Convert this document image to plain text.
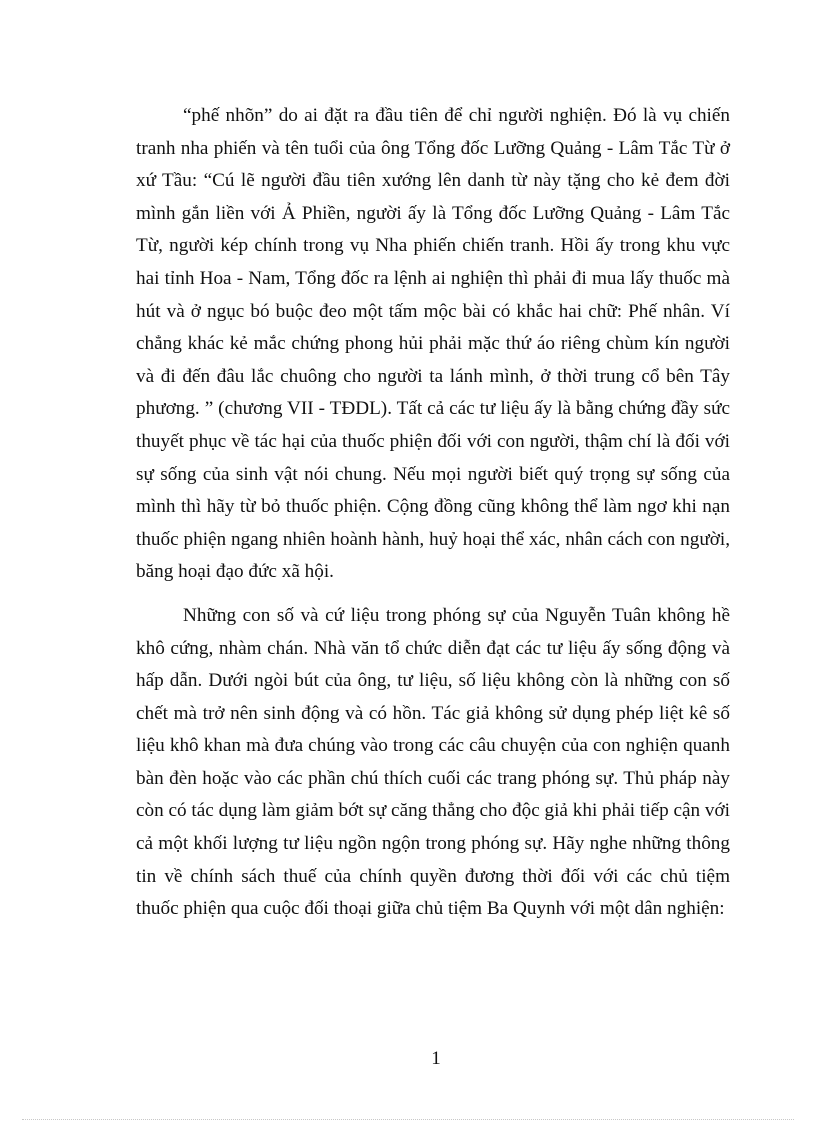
“phế nhõn” do ai đặt ra đầu tiên để chỉ người nghiện. Đó là vụ chiến tranh nha phiến và tên tuổi của ông Tổng đốc Lưỡng Quảng - Lâm Tắc Từ ở xứ Tầu: “Cú lẽ người đầu tiên xướng lên danh từ này tặng cho kẻ đem đời mình gắn liền với Ả Phiền, người ấy là Tổng đốc Lưỡng Quảng - Lâm Tắc Từ, người kép chính trong vụ Nha phiến chiến tranh. Hồi ấy trong khu vực hai tỉnh Hoa - Nam, Tổng đốc ra lệnh ai nghiện thì phải đi mua lấy thuốc mà hút và ở ngục bó buộc đeo một tấm mộc bài có khắc hai chữ: Phế nhân. Ví chẳng khác kẻ mắc chứng phong hủi phải mặc thứ áo riêng chùm kín người và đi đến đâu lắc chuông cho người ta lánh mình, ở thời trung cổ bên Tây phương. ” (chương VII - TĐDL). Tất cả các tư liệu ấy là bằng chứng đầy sức thuyết phục về tác hại của thuốc phiện đối với con người, thậm chí là đối với sự sống của sinh vật nói chung. Nếu mọi người biết quý trọng sự sống của mình thì hãy từ bỏ thuốc phiện. Cộng đồng cũng không thể làm ngơ khi nạn thuốc phiện ngang nhiên hoành hành, huỷ hoại thể xác, nhân cách con người, băng hoại đạo đức xã hội.

Những con số và cứ liệu trong phóng sự của Nguyễn Tuân không hề khô cứng, nhàm chán. Nhà văn tổ chức diễn đạt các tư liệu ấy sống động và hấp dẫn. Dưới ngòi bút của ông, tư liệu, số liệu không còn là những con số chết mà trở nên sinh động và có hồn. Tác giả không sử dụng phép liệt kê số liệu khô khan mà đưa chúng vào trong các câu chuyện của con nghiện quanh bàn đèn hoặc vào các phần chú thích cuối các trang phóng sự. Thủ pháp này còn có tác dụng làm giảm bớt sự căng thẳng cho độc giả khi phải tiếp cận với cả một khối lượng tư liệu ngồn ngộn trong phóng sự. Hãy nghe những thông tin về chính sách thuế của chính quyền đương thời đối với các chủ tiệm thuốc phiện qua cuộc đối thoại giữa chủ tiệm Ba Quynh với một dân nghiện:

1
